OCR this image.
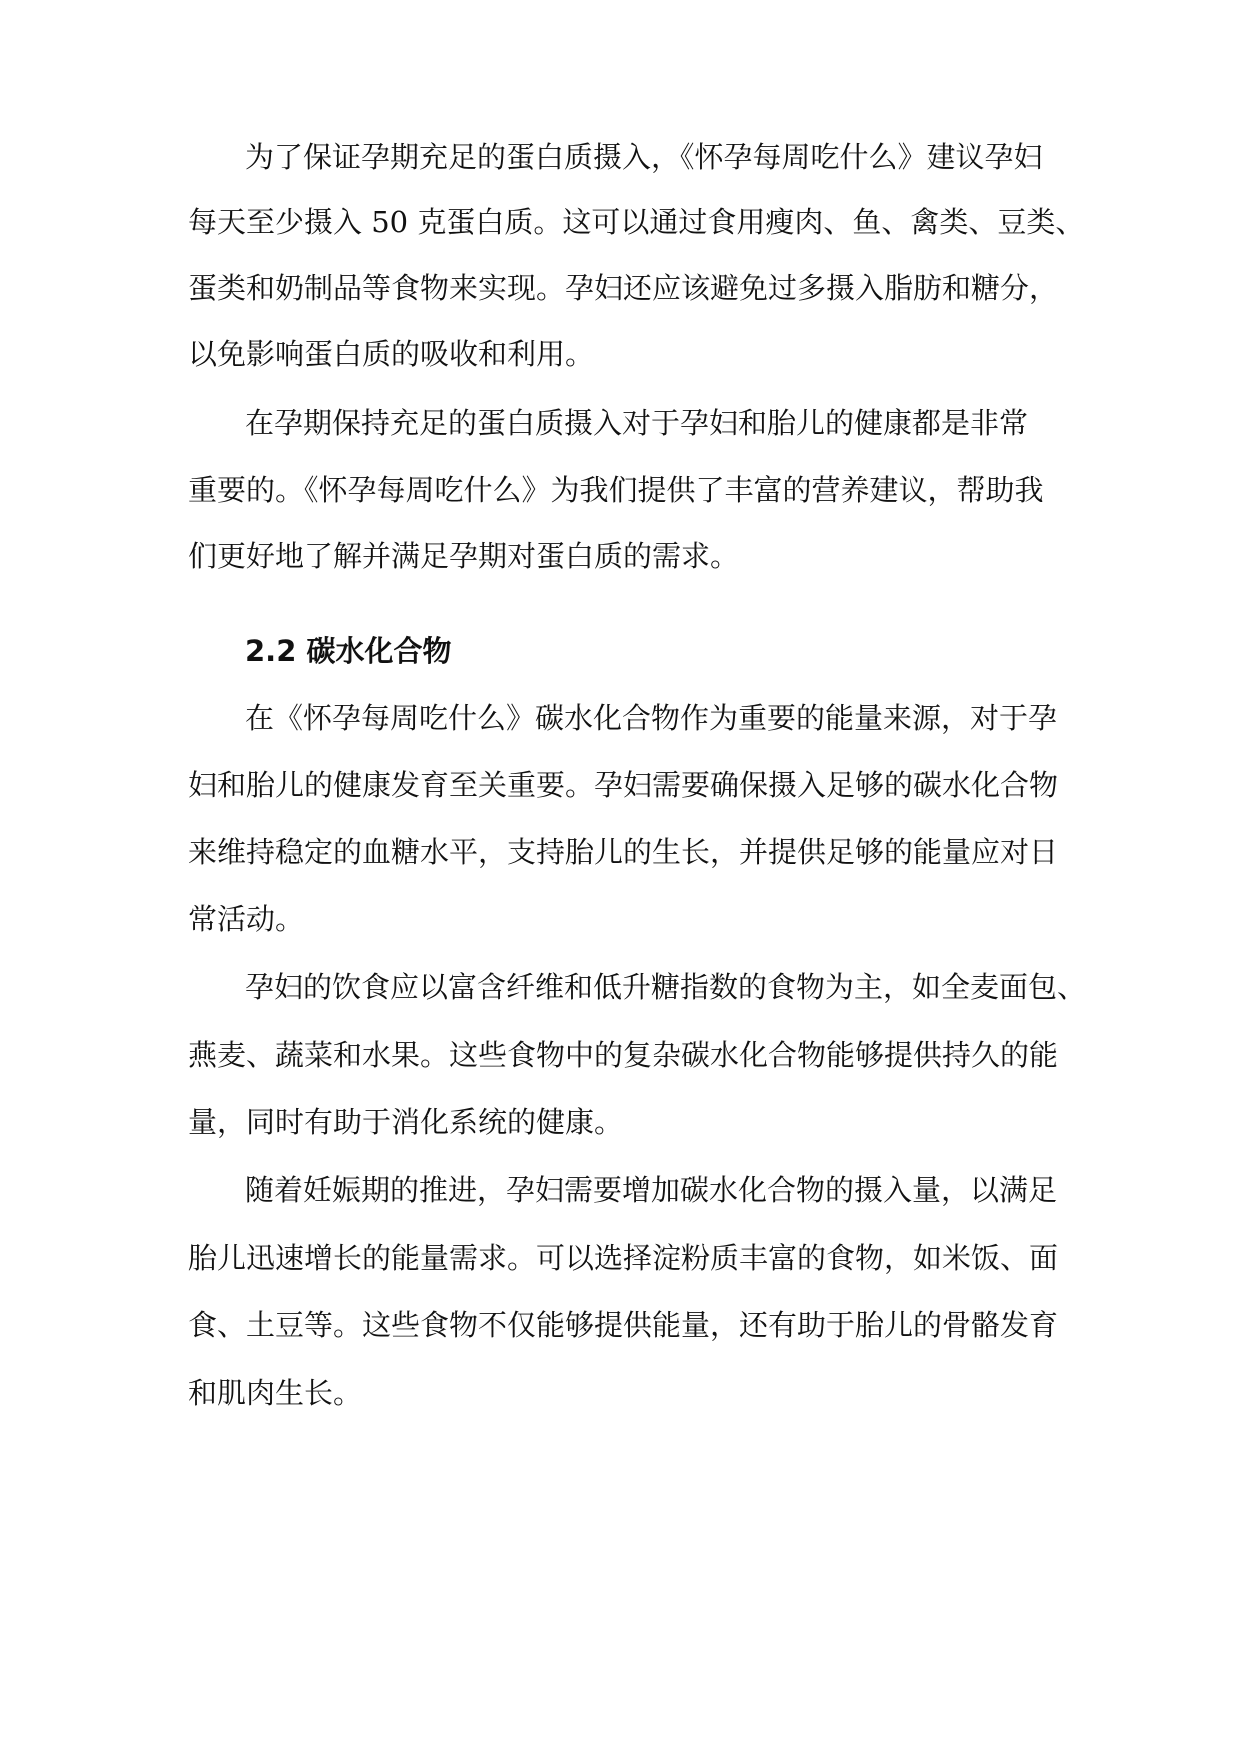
为了保证孕期充足的蛋白质摄入，《怀孕每周吃什么》建议孕妇
每天至少摄入 50 克蛋白质。这可以通过食用瘦肉、鱼、禽类、豆类、
蛋类和奶制品等食物来实现。孕妇还应该避免过多摄入脂肪和糖分，
以免影响蛋白质的吸收和利用。
在孕期保持充足的蛋白质摄入对于孕妇和胎儿的健康都是非常
重要的。《怀孕每周吃什么》为我们提供了丰富的营养建议，帮助我
们更好地了解并满足孕期对蛋白质的需求。
2.2 碳水化合物
在《怀孕每周吃什么》碳水化合物作为重要的能量来源，对于孕
妇和胎儿的健康发育至关重要。孕妇需要确保摄入足够的碳水化合物
来维持稳定的血糖水平，支持胎儿的生长，并提供足够的能量应对日
常活动。
孕妇的饮食应以富含纤维和低升糖指数的食物为主，如全麦面包、
燕麦、蔬菜和水果。这些食物中的复杂碳水化合物能够提供持久的能
量，同时有助于消化系统的健康。
随着妊娠期的推进，孕妇需要增加碳水化合物的摄入量，以满足
胎儿迅速增长的能量需求。可以选择淀粉质丰富的食物，如米饭、面
食、土豆等。这些食物不仅能够提供能量，还有助于胎儿的骨骼发育
和肌肉生长。
